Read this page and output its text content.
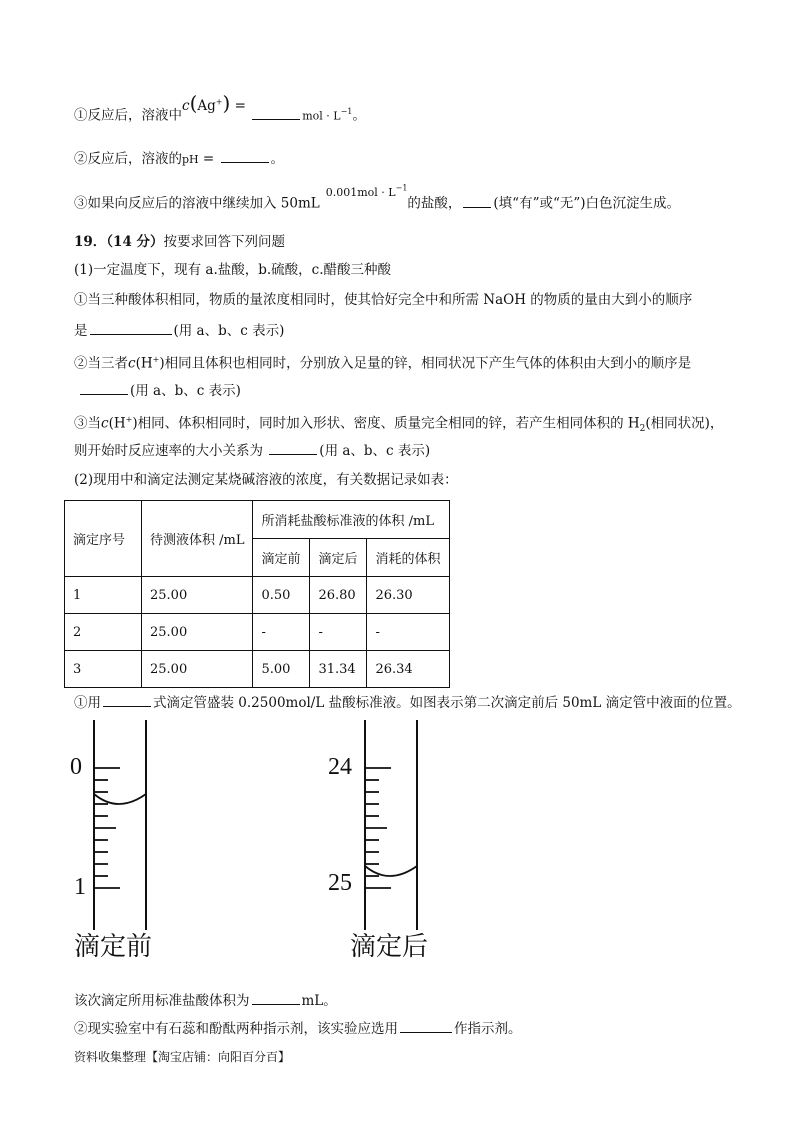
①反应后，溶液中c(Ag+) = mol · $L^{-1}$。
②反应后，溶液的pH =	。
③如果向反应后的溶液中继续加入 $50mL0.001mol \cdot L^{-1}$的盐酸， (填“有”或“无”)白色沉淀生成。
19．（14 分）按要求回答下列问题
(1)一定温度下，现有 a.盐酸，b.硫酸，c.醋酸三种酸
①当三种酸体积相同，物质的量浓度相同时，使其恰好完全中和所需 NaOH 的物质的量由大到小的顺序
是	(用 a、b、c 表示)
②当三者c(H+)相同且体积也相同时，分别放入足量的锌，相同状况下产生气体的体积由大到小的顺序是
(用 a、b、c 表示)
③当c(H+)相同、体积相同时，同时加入形状、密度、质量完全相同的锌，若产生相同体积的 $H_2$(相同状况)，
则开始时反应速率的大小关系为	(用 a、b、c 表示)
(2)现用中和滴定法测定某烧碱溶液的浓度，有关数据记录如表：
滴定序号	待测液体积 /mL	所消耗盐酸标准液的体积 /mL		
		滴定前	滴定后	消耗的体积
1	25.00	0.50	26.80	26.30
2	25.00	-	-	-
3	25.00	5.00	31.34	26.34
①用	式滴定管盛装 0.2500mol/L 盐酸标准液。如图表示第二次滴定前后 50mL 滴定管中液面的位置。
0
1
滴定前
24
25
滴定后
该次滴定所用标准盐酸体积为	mL。
②现实验室中有石蕊和酚酞两种指示剂，该实验应选用	作指示剂。
资料收集整理【淘宝店铺：向阳百分百】
